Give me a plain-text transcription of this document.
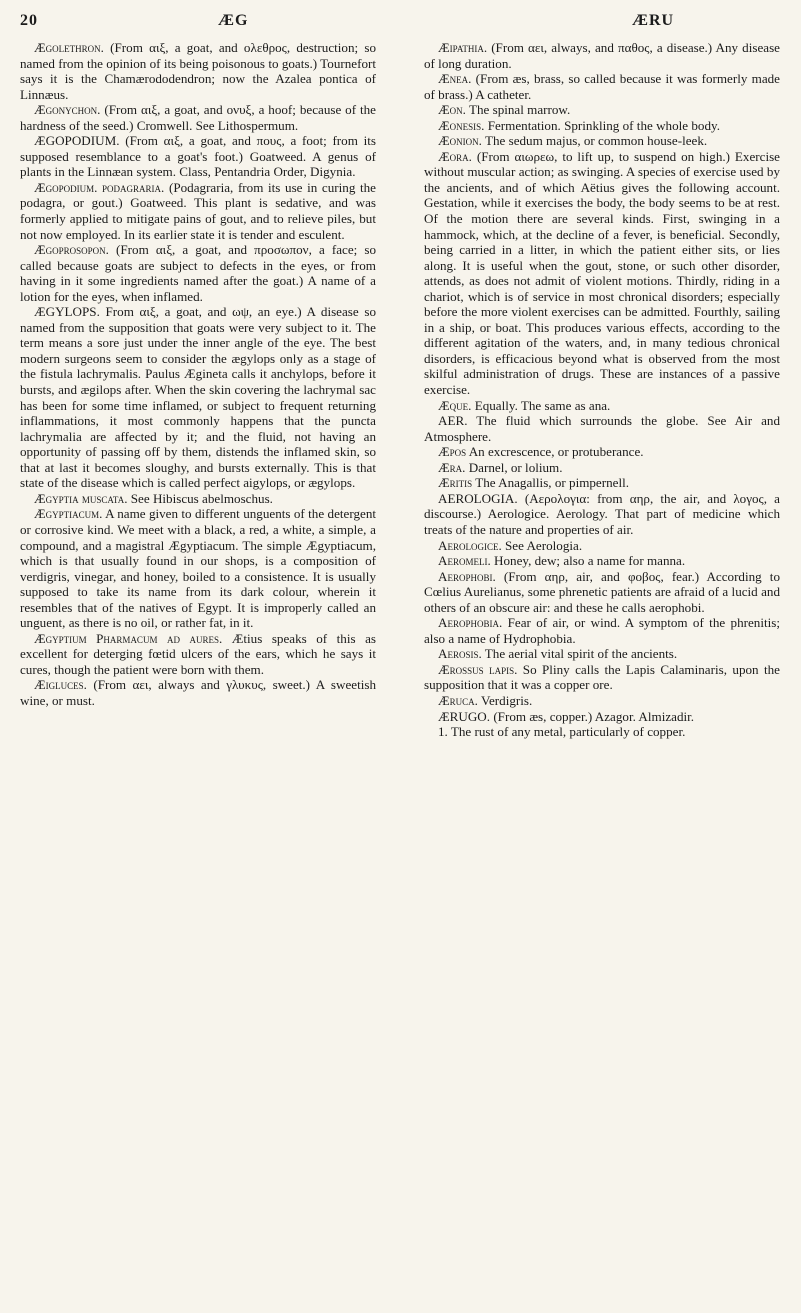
20	ÆG	ÆRU

Ægolethron. (From αιξ, a goat, and ολεθρος, destruction; so named from the opinion of its being poisonous to goats.) Tournefort says it is the Chamærododendron; now the Azalea pontica of Linnæus.

Ægonychon. (From αιξ, a goat, and ονυξ, a hoof; because of the hardness of the seed.) Cromwell. See Lithospermum.

ÆGOPODIUM. (From αιξ, a goat, and πους, a foot; from its supposed resemblance to a goat's foot.) Goatweed. A genus of plants in the Linnæan system. Class, Pentandria Order, Digynia.

Ægopodium. podagraria. (Podagraria, from its use in curing the podagra, or gout.) Goatweed. This plant is sedative, and was formerly applied to mitigate pains of gout, and to relieve piles, but not now employed. In its earlier state it is tender and esculent.

Ægoprosopon. (From αιξ, a goat, and προσωπον, a face; so called because goats are subject to defects in the eyes, or from having in it some ingredients named after the goat.) A name of a lotion for the eyes, when inflamed.

ÆGYLOPS. From αιξ, a goat, and ωψ, an eye.) A disease so named from the supposition that goats were very subject to it. The term means a sore just under the inner angle of the eye. The best modern surgeons seem to consider the ægylops only as a stage of the fistula lachrymalis. Paulus Ægineta calls it anchylops, before it bursts, and ægilops after. When the skin covering the lachrymal sac has been for some time inflamed, or subject to frequent returning inflammations, it most commonly happens that the puncta lachrymalia are affected by it; and the fluid, not having an opportunity of passing off by them, distends the inflamed skin, so that at last it becomes sloughy, and bursts externally. This is that state of the disease which is called perfect aigylops, or ægylops.

Ægyptia muscata. See Hibiscus abelmoschus.

Ægyptiacum. A name given to different unguents of the detergent or corrosive kind. We meet with a black, a red, a white, a simple, a compound, and a magistral Ægyptiacum. The simple Ægyptiacum, which is that usually found in our shops, is a composition of verdigris, vinegar, and honey, boiled to a consistence. It is usually supposed to take its name from its dark colour, wherein it resembles that of the natives of Egypt. It is improperly called an unguent, as there is no oil, or rather fat, in it.

Ægyptium Pharmacum ad aures. Ætius speaks of this as excellent for deterging fœtid ulcers of the ears, which he says it cures, though the patient were born with them.

Æigluces. (From αει, always and γλυκυς, sweet.) A sweetish wine, or must.

Æipathia. (From αει, always, and παθος, a disease.) Any disease of long duration.

Ænea. (From æs, brass, so called because it was formerly made of brass.) A catheter.

Æon. The spinal marrow.

Æonesis. Fermentation. Sprinkling of the whole body.

Æonion. The sedum majus, or common house-leek.

Æora. (From αιωρεω, to lift up, to suspend on high.) Exercise without muscular action; as swinging. A species of exercise used by the ancients, and of which Aëtius gives the following account. Gestation, while it exercises the body, the body seems to be at rest. Of the motion there are several kinds. First, swinging in a hammock, which, at the decline of a fever, is beneficial. Secondly, being carried in a litter, in which the patient either sits, or lies along. It is useful when the gout, stone, or such other disorder, attends, as does not admit of violent motions. Thirdly, riding in a chariot, which is of service in most chronical disorders; especially before the more violent exercises can be admitted. Fourthly, sailing in a ship, or boat. This produces various effects, according to the different agitation of the waters, and, in many tedious chronical disorders, is efficacious beyond what is observed from the most skilful administration of drugs. These are instances of a passive exercise.

Æque. Equally. The same as ana.

AER. The fluid which surrounds the globe. See Air and Atmosphere.

Æpos An excrescence, or protuberance.

Æra. Darnel, or lolium.

Æritis The Anagallis, or pimpernell.

AEROLOGIA. (Αερολογια: from αηρ, the air, and λογος, a discourse.) Aerologice. Aerology. That part of medicine which treats of the nature and properties of air.

Aerologice. See Aerologia.

Aeromeli. Honey, dew; also a name for manna.

Aerophobi. (From αηρ, air, and φοβος, fear.) According to Cœlius Aurelianus, some phrenetic patients are afraid of a lucid and others of an obscure air: and these he calls aerophobi.

Aerophobia. Fear of air, or wind. A symptom of the phrenitis; also a name of Hydrophobia.

Aerosis. The aerial vital spirit of the ancients.

Ærossus lapis. So Pliny calls the Lapis Calaminaris, upon the supposition that it was a copper ore.

Æruca. Verdigris.

ÆRUGO. (From æs, copper.) Azagor. Almizadir.

1. The rust of any metal, particularly of copper.
